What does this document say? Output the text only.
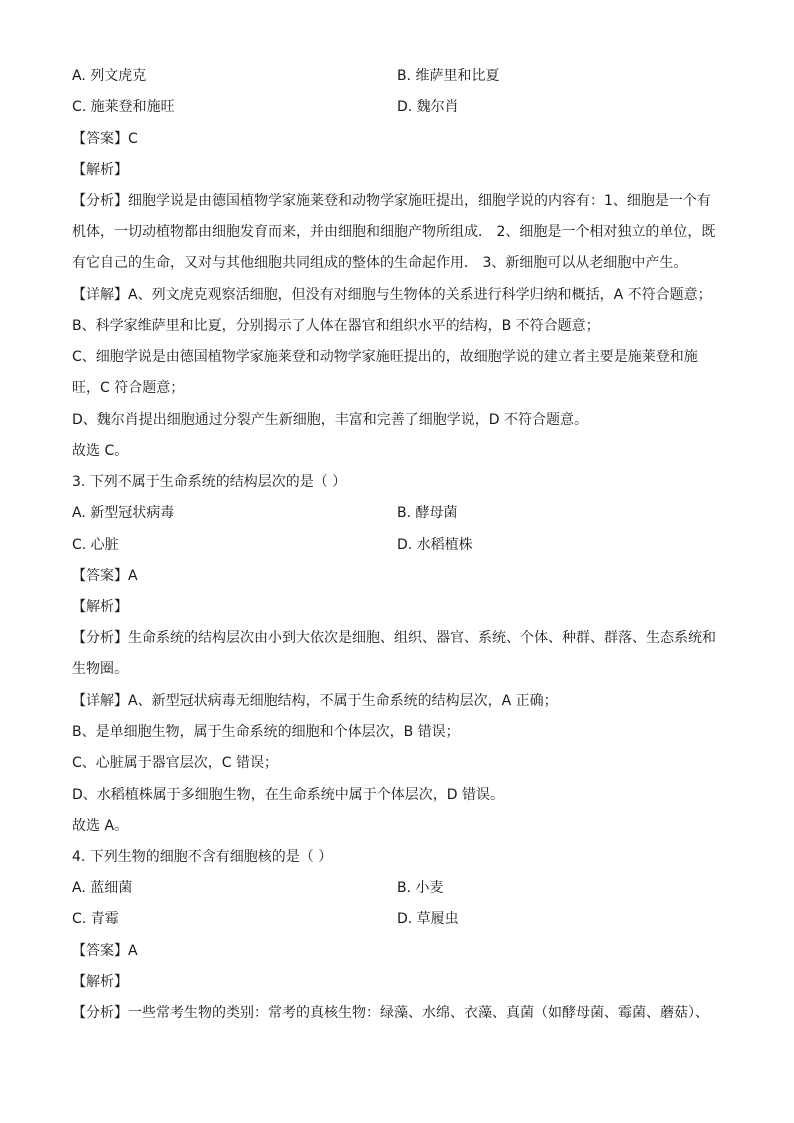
A. 列文虎克	B. 维萨里和比夏
C. 施莱登和施旺	D. 魏尔肖
【答案】C
【解析】
【分析】细胞学说是由德国植物学家施莱登和动物学家施旺提出，细胞学说的内容有：1、细胞是一个有
机体，一切动植物都由细胞发育而来，并由细胞和细胞产物所组成． 2、细胞是一个相对独立的单位，既
有它自己的生命，又对与其他细胞共同组成的整体的生命起作用． 3、新细胞可以从老细胞中产生。
【详解】A、列文虎克观察活细胞，但没有对细胞与生物体的关系进行科学归纳和概括，A 不符合题意；
B、科学家维萨里和比夏，分别揭示了人体在器官和组织水平的结构，B 不符合题意；
C、细胞学说是由德国植物学家施莱登和动物学家施旺提出的，故细胞学说的建立者主要是施莱登和施
旺，C 符合题意；
D、魏尔肖提出细胞通过分裂产生新细胞，丰富和完善了细胞学说，D 不符合题意。
故选 C。
3. 下列不属于生命系统的结构层次的是（ ）
A. 新型冠状病毒	B. 酵母菌
C. 心脏	D. 水稻植株
【答案】A
【解析】
【分析】生命系统的结构层次由小到大依次是细胞、组织、器官、系统、个体、种群、群落、生态系统和
生物圈。
【详解】A、新型冠状病毒无细胞结构，不属于生命系统的结构层次，A 正确；
B、是单细胞生物，属于生命系统的细胞和个体层次，B 错误；
C、心脏属于器官层次，C 错误；
D、水稻植株属于多细胞生物，在生命系统中属于个体层次，D 错误。
故选 A。
4. 下列生物的细胞不含有细胞核的是（ ）
A. 蓝细菌	B. 小麦
C. 青霉	D. 草履虫
【答案】A
【解析】
【分析】一些常考生物的类别：常考的真核生物：绿藻、水绵、衣藻、真菌（如酵母菌、霉菌、蘑菇）、
